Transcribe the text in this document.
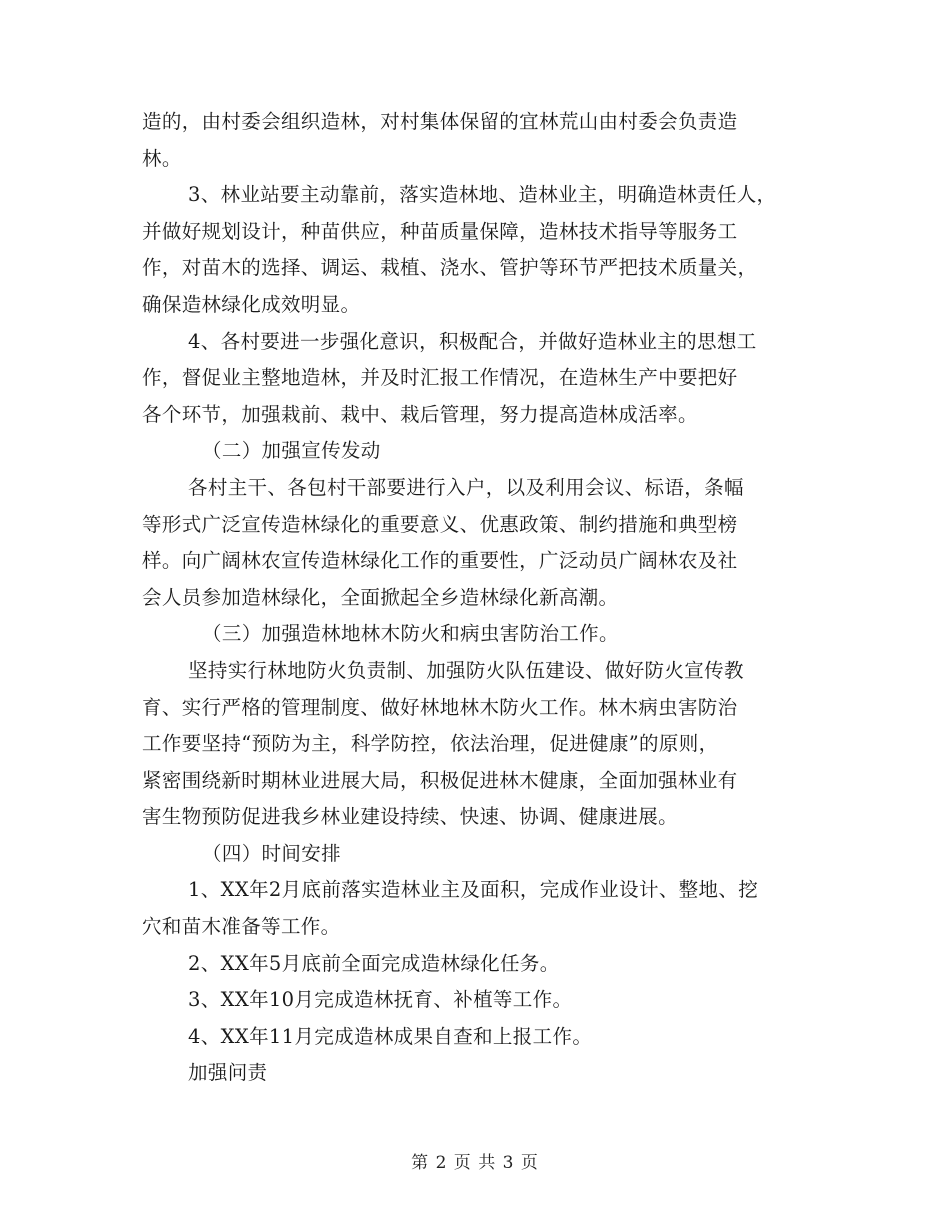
造的，由村委会组织造林，对村集体保留的宜林荒山由村委会负责造
林。
3、林业站要主动靠前，落实造林地、造林业主，明确造林责任人，
并做好规划设计，种苗供应，种苗质量保障，造林技术指导等服务工
作，对苗木的选择、调运、栽植、浇水、管护等环节严把技术质量关，
确保造林绿化成效明显。
4、各村要进一步强化意识，积极配合，并做好造林业主的思想工
作，督促业主整地造林，并及时汇报工作情况，在造林生产中要把好
各个环节，加强栽前、栽中、栽后管理，努力提高造林成活率。
（二）加强宣传发动
各村主干、各包村干部要进行入户，以及利用会议、标语，条幅
等形式广泛宣传造林绿化的重要意义、优惠政策、制约措施和典型榜
样。向广阔林农宣传造林绿化工作的重要性，广泛动员广阔林农及社
会人员参加造林绿化，全面掀起全乡造林绿化新高潮。
（三）加强造林地林木防火和病虫害防治工作。
坚持实行林地防火负责制、加强防火队伍建设、做好防火宣传教
育、实行严格的管理制度、做好林地林木防火工作。林木病虫害防治
工作要坚持“预防为主，科学防控，依法治理，促进健康”的原则，
紧密围绕新时期林业进展大局，积极促进林木健康，全面加强林业有
害生物预防促进我乡林业建设持续、快速、协调、健康进展。
（四）时间安排
1、XX年2月底前落实造林业主及面积，完成作业设计、整地、挖
穴和苗木准备等工作。
2、XX年5月底前全面完成造林绿化任务。
3、XX年10月完成造林抚育、补植等工作。
4、XX年11月完成造林成果自查和上报工作。
加强问责
第 2 页 共 3 页
